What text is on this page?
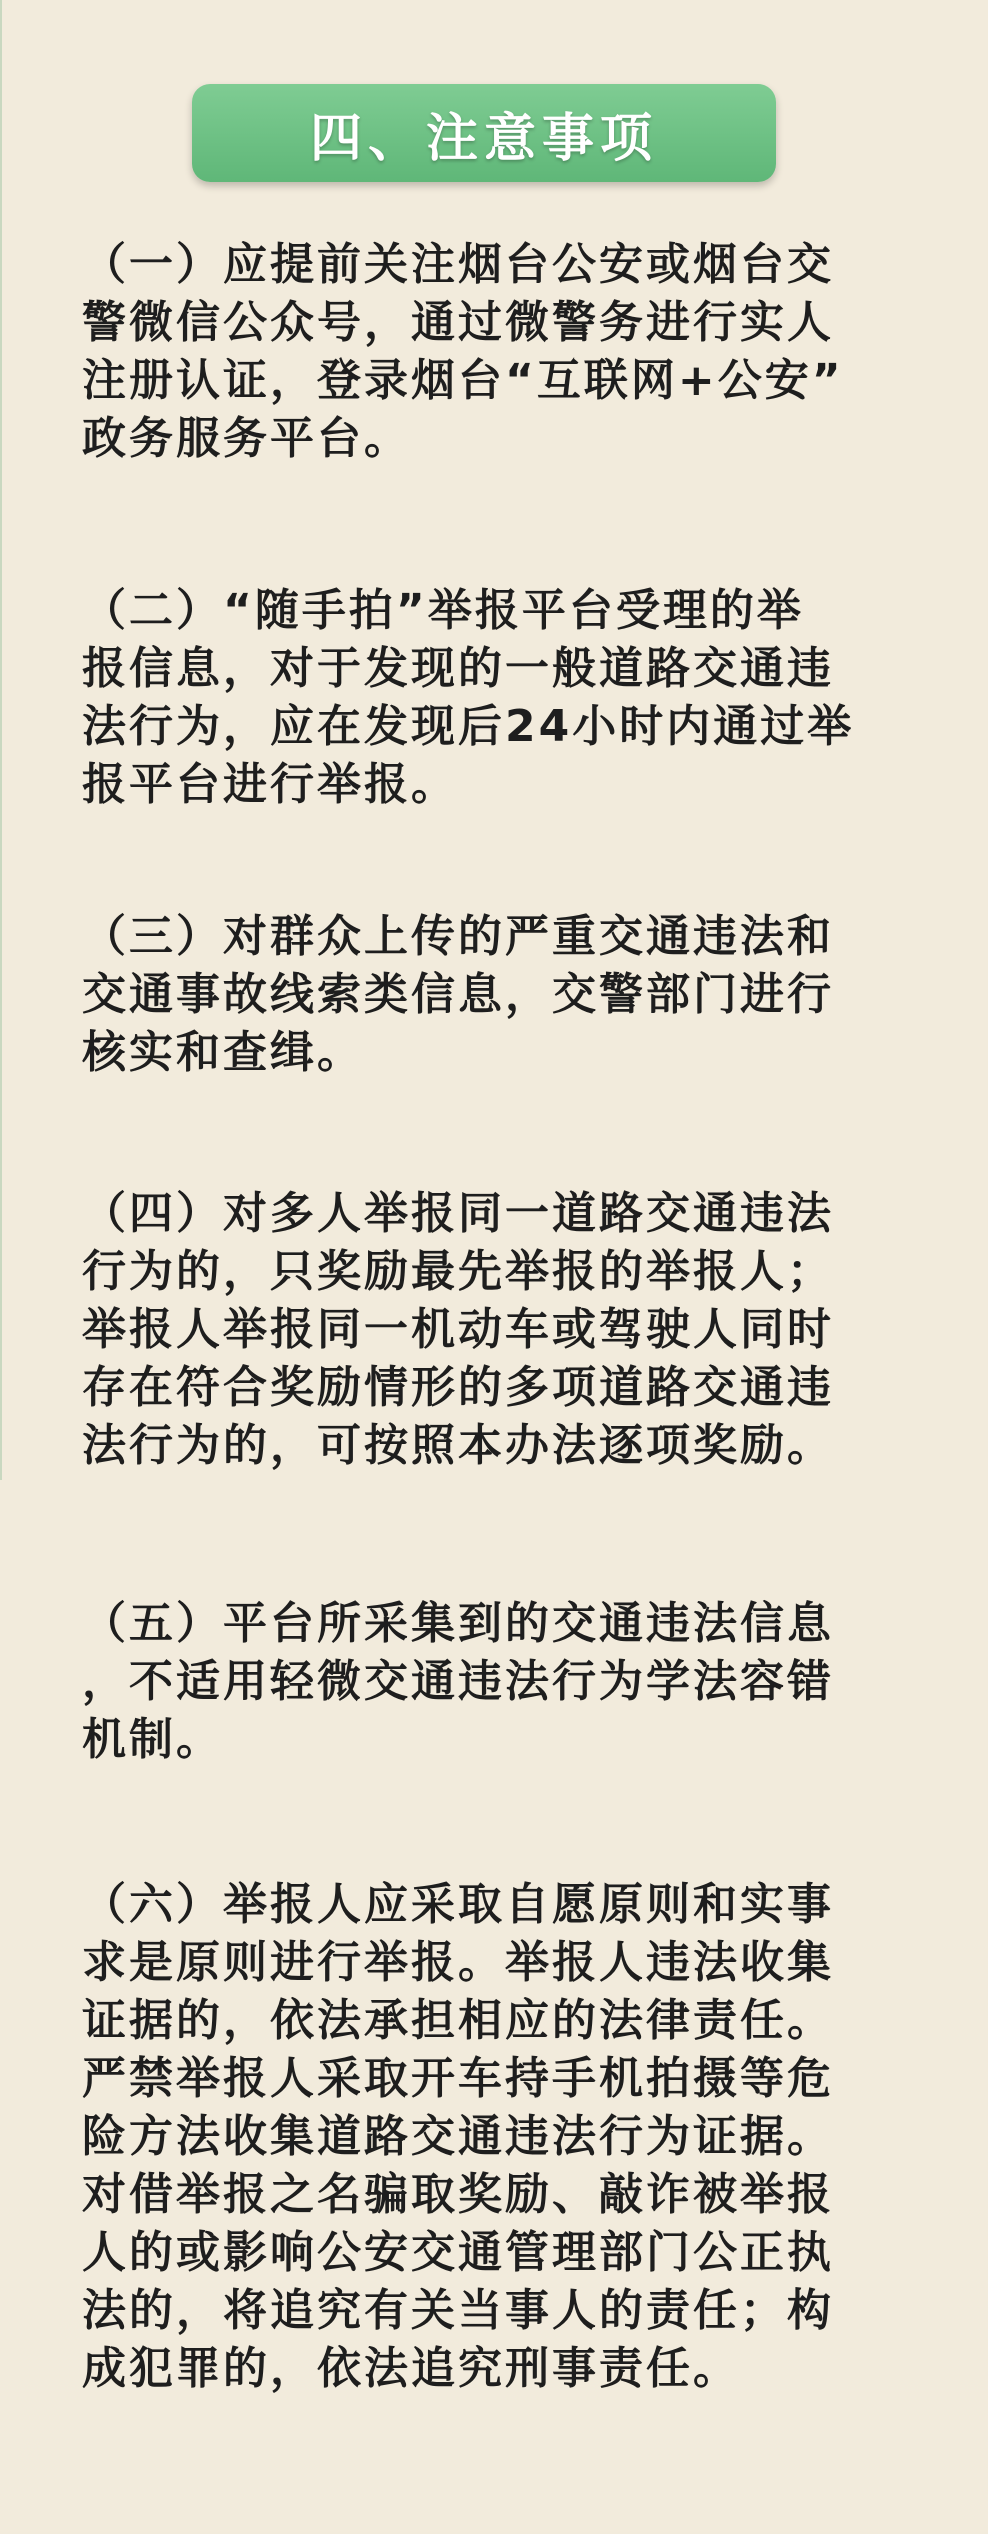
四、注意事项
（一）应提前关注烟台公安或烟台交
警微信公众号，通过微警务进行实人
注册认证，登录烟台“互联网+公安”
政务服务平台。
（二）“随手拍”举报平台受理的举
报信息，对于发现的一般道路交通违
法行为，应在发现后24小时内通过举
报平台进行举报。
（三）对群众上传的严重交通违法和
交通事故线索类信息，交警部门进行
核实和查缉。
（四）对多人举报同一道路交通违法
行为的，只奖励最先举报的举报人；
举报人举报同一机动车或驾驶人同时
存在符合奖励情形的多项道路交通违
法行为的，可按照本办法逐项奖励。
（五）平台所采集到的交通违法信息
，不适用轻微交通违法行为学法容错
机制。
（六）举报人应采取自愿原则和实事
求是原则进行举报。举报人违法收集
证据的，依法承担相应的法律责任。
严禁举报人采取开车持手机拍摄等危
险方法收集道路交通违法行为证据。
对借举报之名骗取奖励、敲诈被举报
人的或影响公安交通管理部门公正执
法的，将追究有关当事人的责任；构
成犯罪的，依法追究刑事责任。
